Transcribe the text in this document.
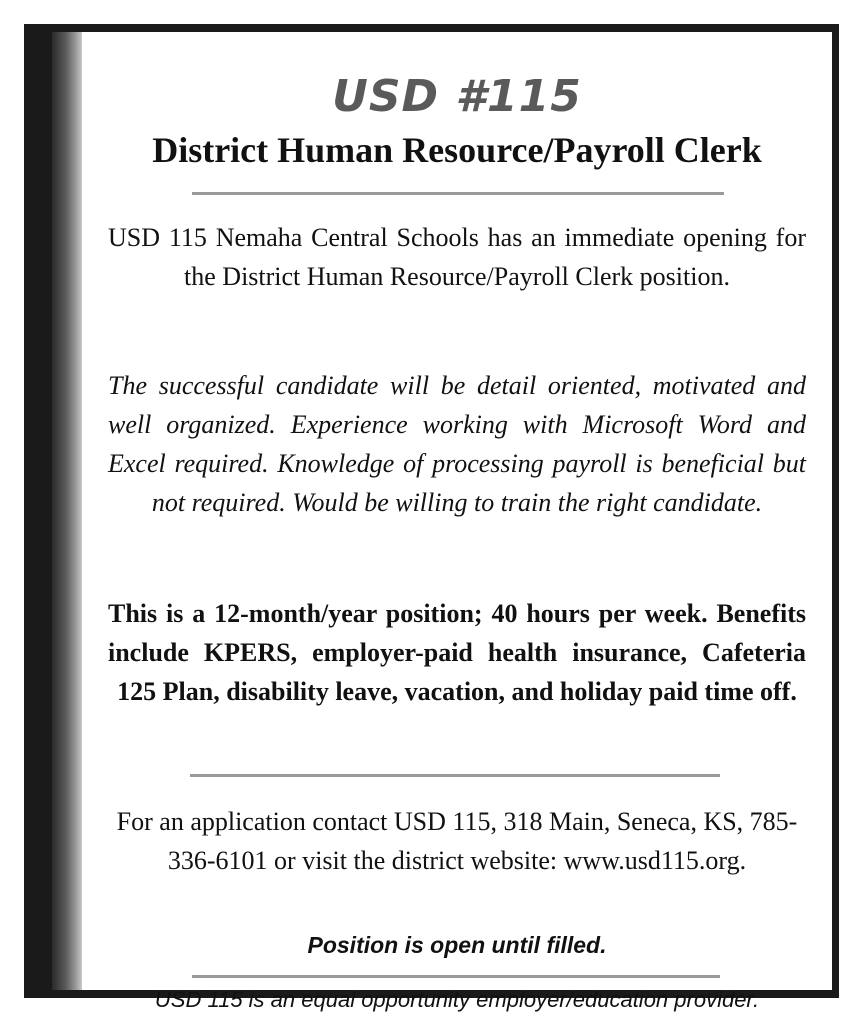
USD #115
District Human Resource/Payroll Clerk

USD 115 Nemaha Central Schools has an immediate opening for the District Human Resource/Payroll Clerk position.

The successful candidate will be detail oriented, motivated and well organized. Experience working with Microsoft Word and Excel required. Knowledge of processing payroll is beneficial but not required. Would be willing to train the right candidate.

This is a 12-month/year position; 40 hours per week. Benefits include KPERS, employer-paid health insurance, Cafeteria 125 Plan, disability leave, vacation, and holiday paid time off.

For an application contact USD 115, 318 Main, Seneca, KS, 785-336-6101 or visit the district website: www.usd115.org.

Position is open until filled.

USD 115 is an equal opportunity employer/education provider.
